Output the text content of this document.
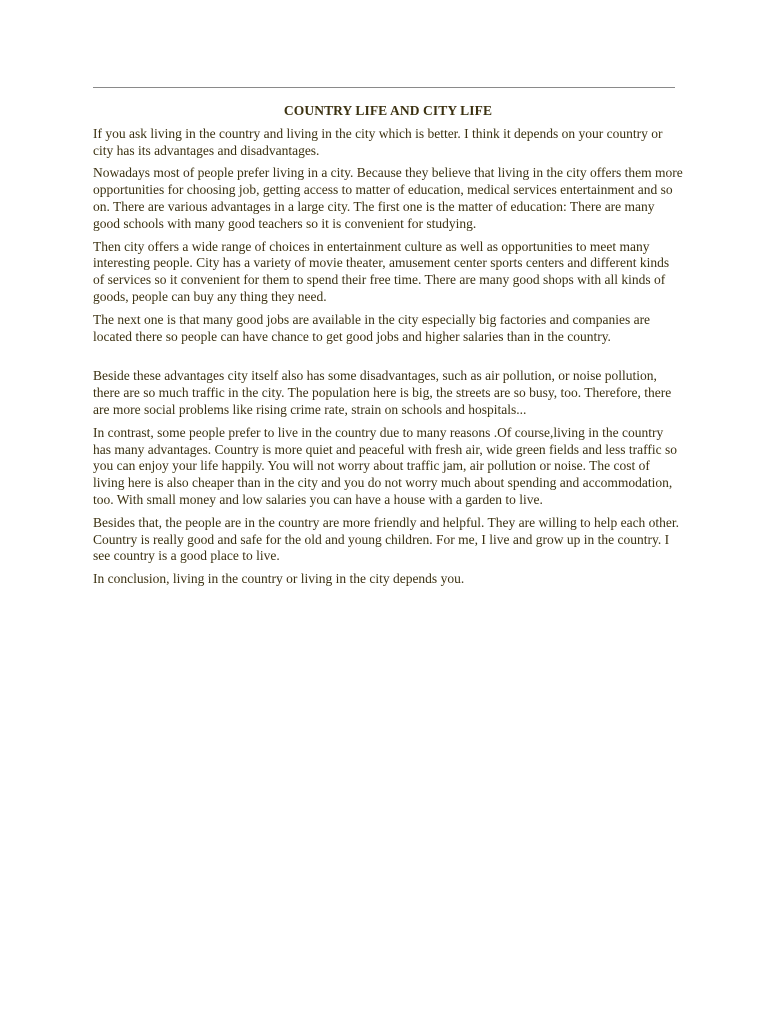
COUNTRY LIFE AND CITY LIFE

If you ask living in the country and living in the city which is better. I think it depends on your country or city has its advantages and disadvantages.

Nowadays most of people prefer living in a city. Because they believe that living in the city offers them more opportunities for choosing job, getting access to matter of education, medical services entertainment and so on. There are various advantages in a large city. The first one is the matter of education: There are many good schools with many good teachers so it is convenient for studying.

Then city offers a wide range of choices in entertainment culture as well as opportunities to meet many interesting people. City has a variety of movie theater, amusement center sports centers and different kinds of services so it convenient for them to spend their free time. There are many good shops with all kinds of goods, people can buy any thing they need.

The next one is that many good jobs are available in the city especially big factories and companies are located there so people can have chance to get good jobs and higher salaries than in the country.

Beside these advantages city itself also has some disadvantages, such as air pollution, or noise pollution, there are so much traffic in the city. The population here is big, the streets are so busy, too. Therefore, there are more social problems like rising crime rate, strain on schools and hospitals...

In contrast, some people prefer to live in the country due to many reasons .Of course,living in the country has many advantages. Country is more quiet and peaceful with fresh air, wide green fields and less traffic so you can enjoy your life happily. You will not worry about traffic jam, air pollution or noise. The cost of living here is also cheaper than in the city and you do not worry much about spending and accommodation, too. With small money and low salaries you can have a house with a garden to live.

Besides that, the people are in the country are more friendly and helpful. They are willing to help each other. Country is really good and safe for the old and young children. For me, I live and grow up in the country. I see country is a good place to live.

In conclusion, living in the country or living in the city depends you.
